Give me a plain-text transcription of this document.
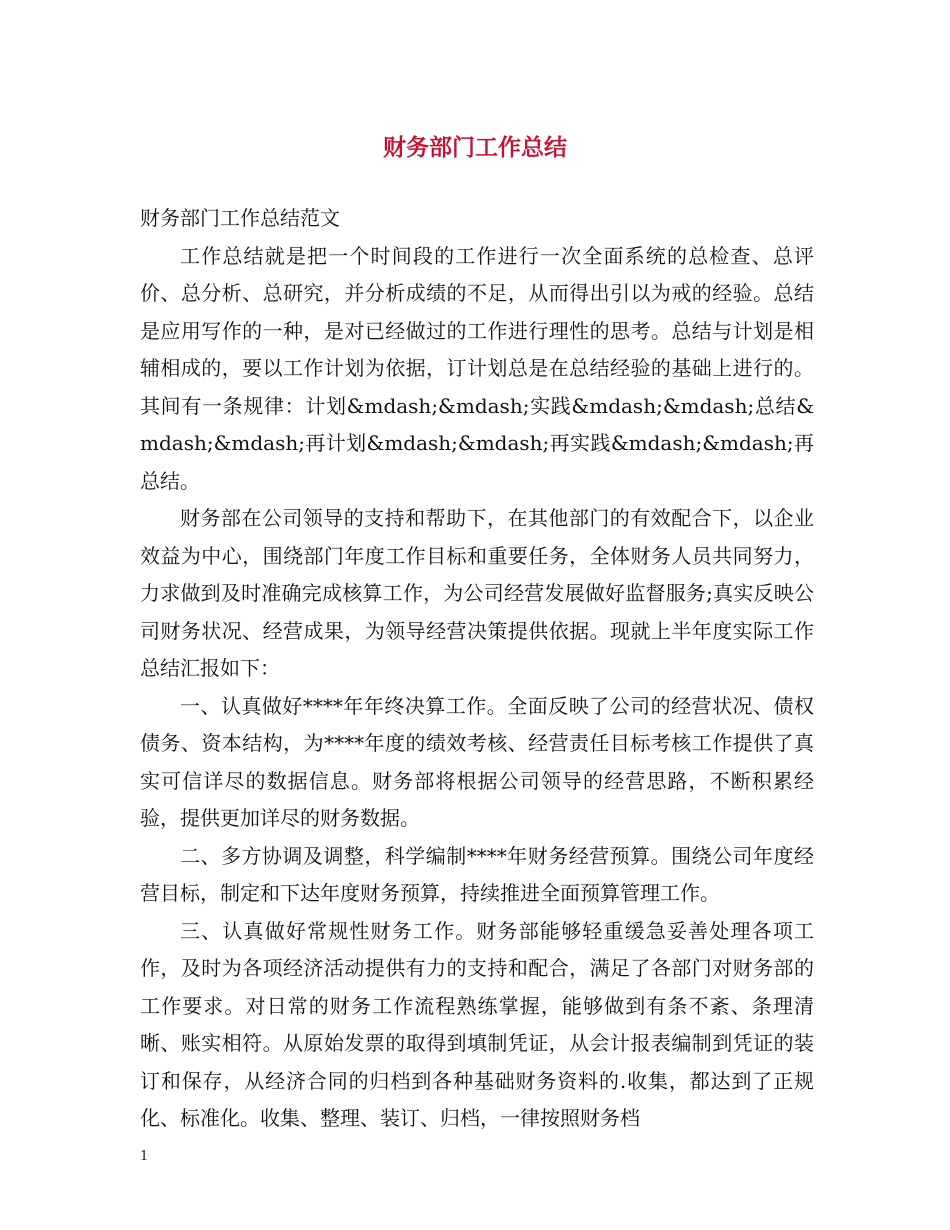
财务部门工作总结

财务部门工作总结范文

工作总结就是把一个时间段的工作进行一次全面系统的总检查、总评价、总分析、总研究，并分析成绩的不足，从而得出引以为戒的经验。总结是应用写作的一种，是对已经做过的工作进行理性的思考。总结与计划是相辅相成的，要以工作计划为依据，订计划总是在总结经验的基础上进行的。其间有一条规律：计划&mdash;&mdash;实践&mdash;&mdash;总结&mdash;&mdash;再计划&mdash;&mdash;再实践&mdash;&mdash;再总结。

财务部在公司领导的支持和帮助下，在其他部门的有效配合下，以企业效益为中心，围绕部门年度工作目标和重要任务，全体财务人员共同努力，力求做到及时准确完成核算工作，为公司经营发展做好监督服务;真实反映公司财务状况、经营成果，为领导经营决策提供依据。现就上半年度实际工作总结汇报如下：

一、认真做好****年年终决算工作。全面反映了公司的经营状况、债权债务、资本结构，为****年度的绩效考核、经营责任目标考核工作提供了真实可信详尽的数据信息。财务部将根据公司领导的经营思路，不断积累经验，提供更加详尽的财务数据。

二、多方协调及调整，科学编制****年财务经营预算。围绕公司年度经营目标，制定和下达年度财务预算，持续推进全面预算管理工作。

三、认真做好常规性财务工作。财务部能够轻重缓急妥善处理各项工作，及时为各项经济活动提供有力的支持和配合，满足了各部门对财务部的工作要求。对日常的财务工作流程熟练掌握，能够做到有条不紊、条理清晰、账实相符。从原始发票的取得到填制凭证，从会计报表编制到凭证的装订和保存，从经济合同的归档到各种基础财务资料的.收集，都达到了正规化、标准化。收集、整理、装订、归档，一律按照财务档

1
